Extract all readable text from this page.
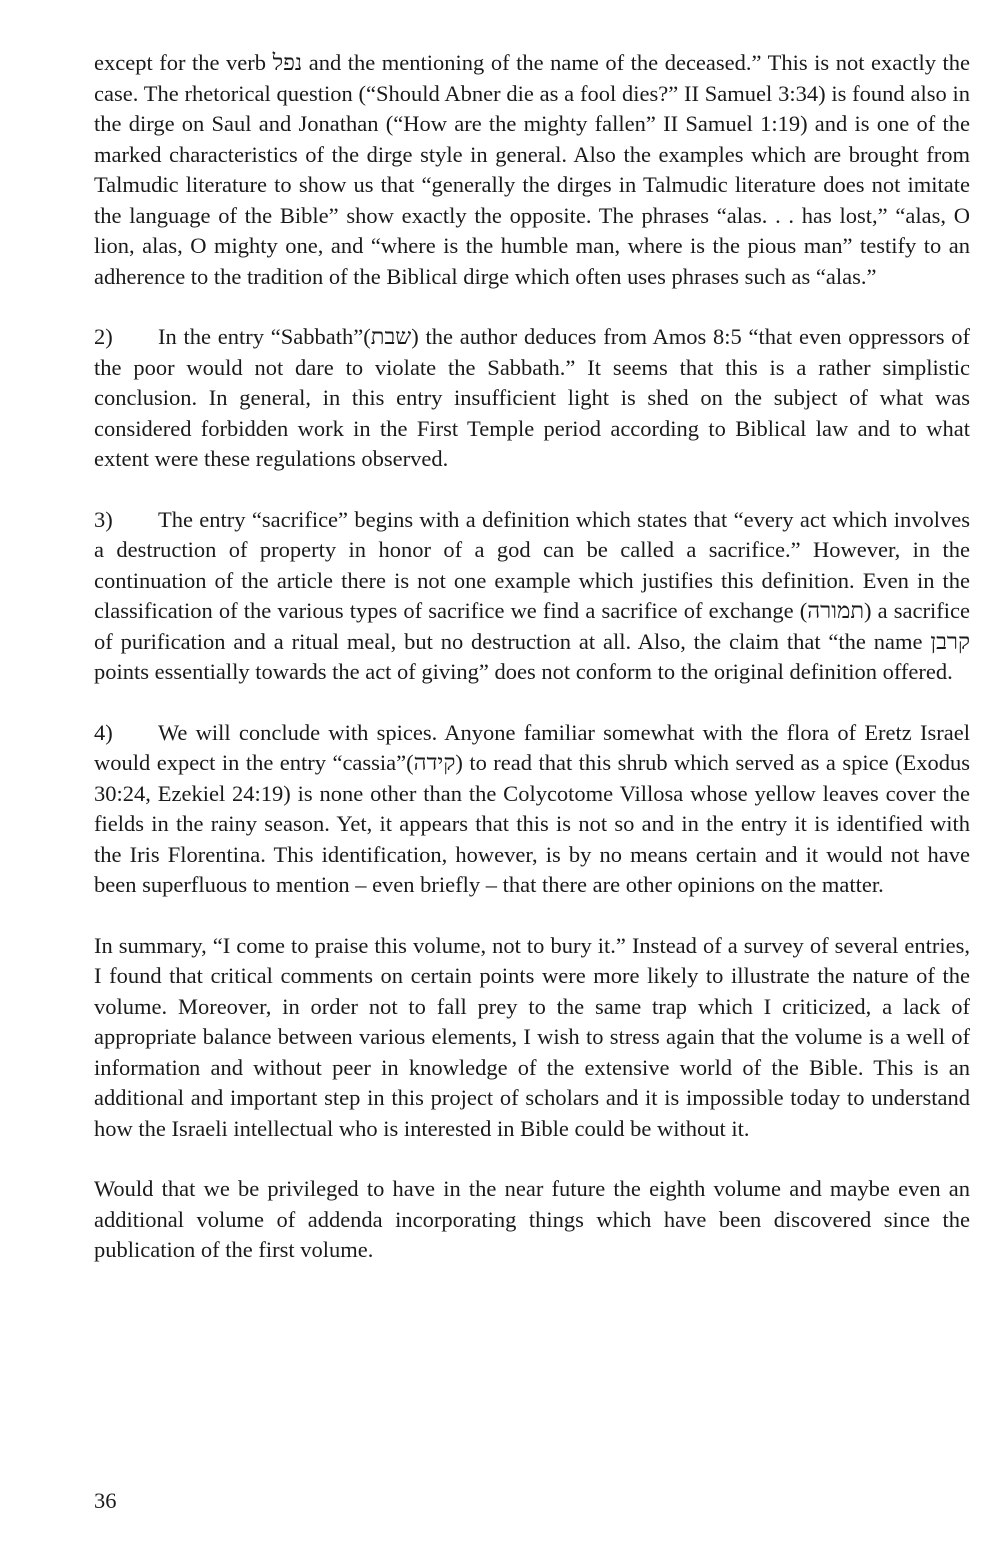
except for the verb נפל and the mentioning of the name of the deceased.” This is not exactly the case. The rhetorical question (“Should Abner die as a fool dies?” II Samuel 3:34) is found also in the dirge on Saul and Jonathan (“How are the mighty fallen” II Samuel 1:19) and is one of the marked characteristics of the dirge style in general. Also the examples which are brought from Talmudic literature to show us that “generally the dirges in Talmudic literature does not imitate the language of the Bible” show exactly the opposite. The phrases “alas. . . has lost,” “alas, O lion, alas, O mighty one, and “where is the humble man, where is the pious man” testify to an adherence to the tradition of the Biblical dirge which often uses phrases such as “alas.”

2) In the entry “Sabbath”(שבת) the author deduces from Amos 8:5 “that even oppressors of the poor would not dare to violate the Sabbath.” It seems that this is a rather simplistic conclusion. In general, in this entry insufficient light is shed on the subject of what was considered forbidden work in the First Temple period according to Biblical law and to what extent were these regulations observed.

3) The entry “sacrifice” begins with a definition which states that “every act which involves a destruction of property in honor of a god can be called a sacrifice.” However, in the continuation of the article there is not one example which justifies this definition. Even in the classification of the various types of sacrifice we find a sacrifice of exchange (תמורה) a sacrifice of purification and a ritual meal, but no destruction at all. Also, the claim that “the name קרבן points essentially towards the act of giving” does not conform to the original definition offered.

4) We will conclude with spices. Anyone familiar somewhat with the flora of Eretz Israel would expect in the entry “cassia”(קידה) to read that this shrub which served as a spice (Exodus 30:24, Ezekiel 24:19) is none other than the Colycotome Villosa whose yellow leaves cover the fields in the rainy season. Yet, it appears that this is not so and in the entry it is identified with the Iris Florentina. This identification, however, is by no means certain and it would not have been superfluous to mention – even briefly – that there are other opinions on the matter.

In summary, “I come to praise this volume, not to bury it.” Instead of a survey of several entries, I found that critical comments on certain points were more likely to illustrate the nature of the volume. Moreover, in order not to fall prey to the same trap which I criticized, a lack of appropriate balance between various elements, I wish to stress again that the volume is a well of information and without peer in knowledge of the extensive world of the Bible. This is an additional and important step in this project of scholars and it is impossible today to understand how the Israeli intellectual who is interested in Bible could be without it.

Would that we be privileged to have in the near future the eighth volume and maybe even an additional volume of addenda incorporating things which have been discovered since the publication of the first volume.

36
